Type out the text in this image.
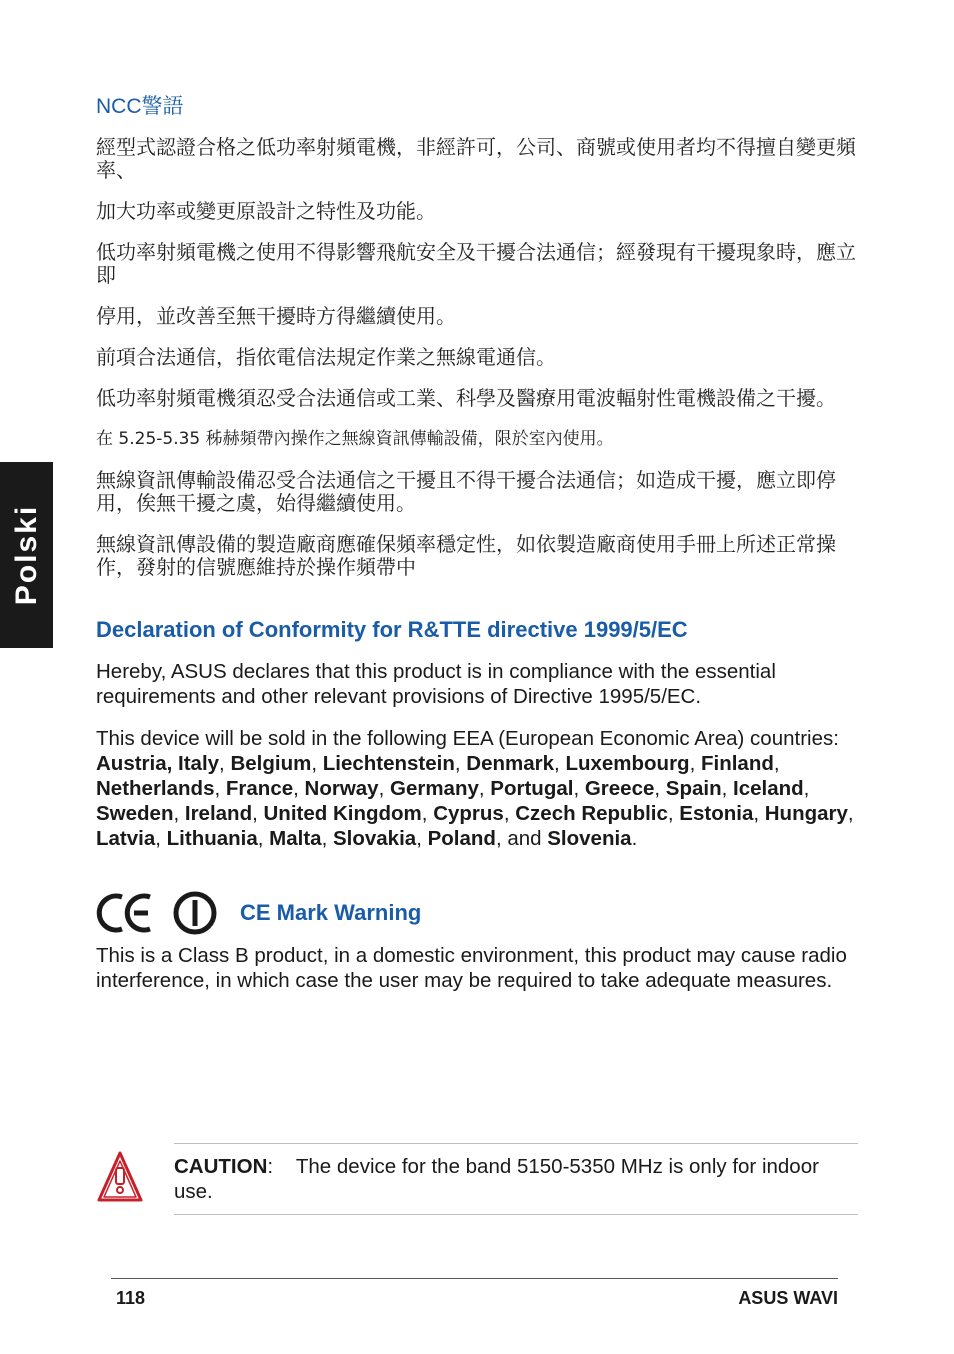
Polski
NCC警語

經型式認證合格之低功率射頻電機，非經許可，公司、商號或使用者均不得擅自變更頻率、

加大功率或變更原設計之特性及功能。

低功率射頻電機之使用不得影響飛航安全及干擾合法通信；經發現有干擾現象時，應立即

停用，並改善至無干擾時方得繼續使用。

前項合法通信，指依電信法規定作業之無線電通信。

低功率射頻電機須忍受合法通信或工業、科學及醫療用電波輻射性電機設備之干擾。

在 5.25-5.35 秭赫頻帶內操作之無線資訊傳輸設備，限於室內使用。

無線資訊傳輸設備忍受合法通信之干擾且不得干擾合法通信；如造成干擾，應立即停用，俟無干擾之虞，始得繼續使用。

無線資訊傳設備的製造廠商應確保頻率穩定性，如依製造廠商使用手冊上所述正常操作，發射的信號應維持於操作頻帶中

Declaration of Conformity for R&TTE directive 1999/5/EC

Hereby, ASUS declares that this product is in compliance with the essential requirements and other relevant provisions of Directive 1995/5/EC.

This device will be sold in the following EEA (European Economic Area) countries: Austria, Italy, Belgium, Liechtenstein, Denmark, Luxembourg, Finland, Netherlands, France, Norway, Germany, Portugal, Greece, Spain, Iceland, Sweden, Ireland, United Kingdom, Cyprus, Czech Republic, Estonia, Hungary, Latvia, Lithuania, Malta, Slovakia, Poland, and Slovenia.

CE
CE Mark Warning

This is a Class B product, in a domestic environment, this product may cause radio interference, in which case the user may be required to take adequate measures.

CAUTION:    The device for the band 5150-5350 MHz is only for indoor use.
118	ASUS WAVI
